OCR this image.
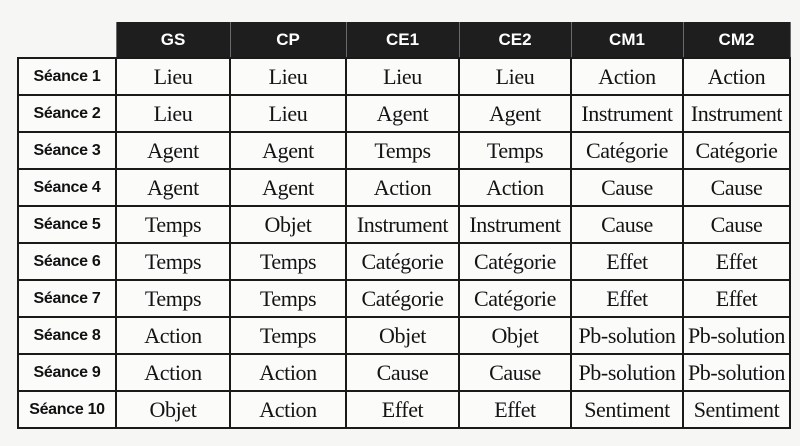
	GS	CP	CE1	CE2	CM1	CM2
Séance 1	Lieu	Lieu	Lieu	Lieu	Action	Action
Séance 2	Lieu	Lieu	Agent	Agent	Instrument	Instrument
Séance 3	Agent	Agent	Temps	Temps	Catégorie	Catégorie
Séance 4	Agent	Agent	Action	Action	Cause	Cause
Séance 5	Temps	Objet	Instrument	Instrument	Cause	Cause
Séance 6	Temps	Temps	Catégorie	Catégorie	Effet	Effet
Séance 7	Temps	Temps	Catégorie	Catégorie	Effet	Effet
Séance 8	Action	Temps	Objet	Objet	Pb-solution	Pb-solution
Séance 9	Action	Action	Cause	Cause	Pb-solution	Pb-solution
Séance 10	Objet	Action	Effet	Effet	Sentiment	Sentiment
